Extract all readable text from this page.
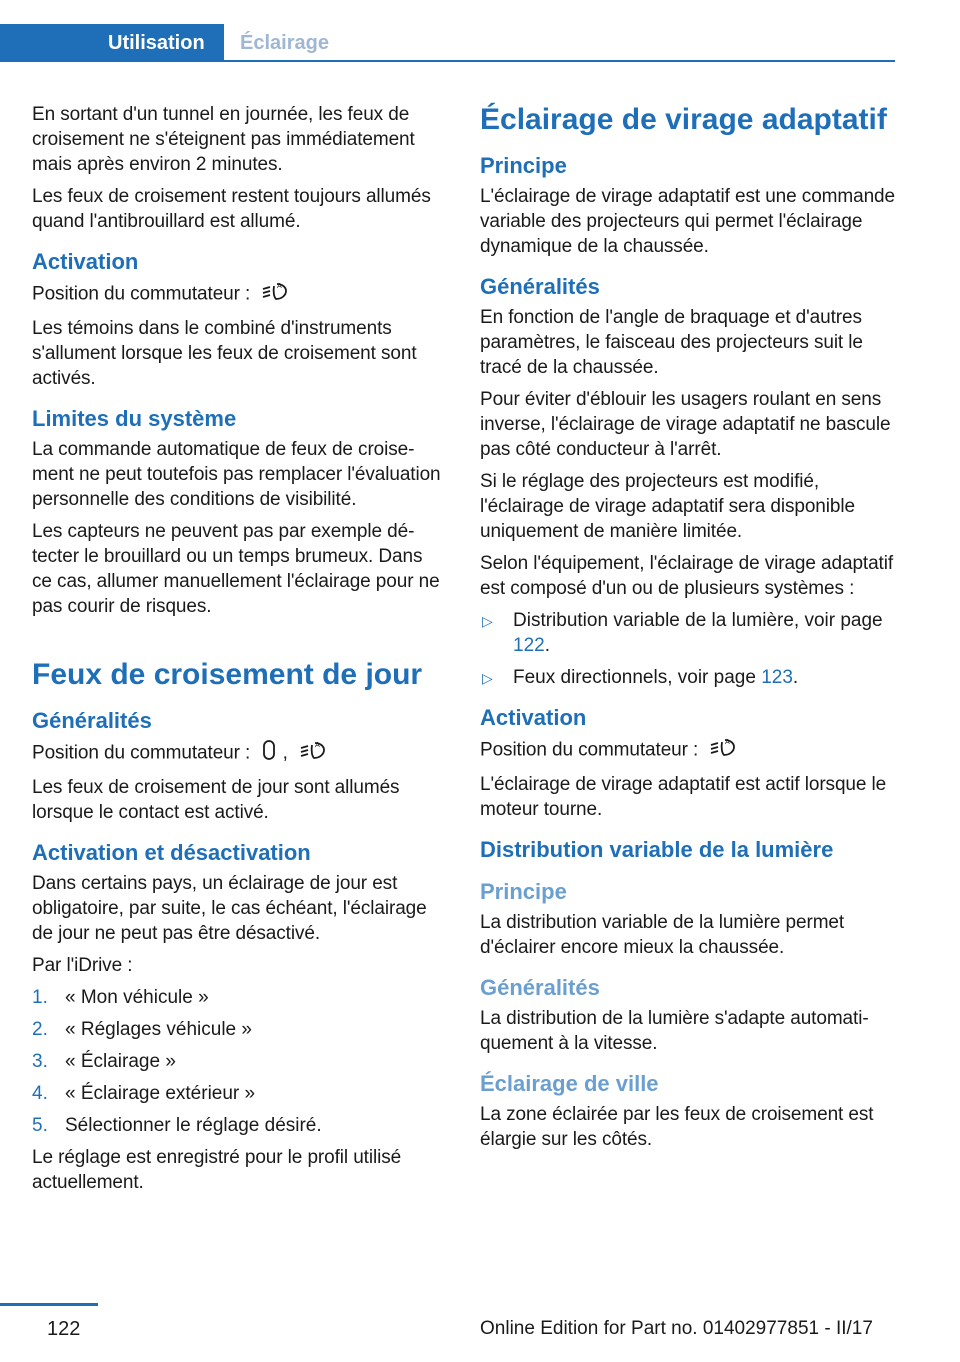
Utilisation	Éclairage

En sortant d'un tunnel en journée, les feux de croisement ne s'éteignent pas immédiatement mais après environ 2 minutes.

Les feux de croisement restent toujours allumés quand l'antibrouillard est allumé.

Activation

Position du commutateur :	A

Les témoins dans le combiné d'instruments s'allument lorsque les feux de croisement sont activés.

Limites du système

La commande automatique de feux de croisement ne peut toutefois pas remplacer l'évaluation personnelle des conditions de visibilité.

Les capteurs ne peuvent pas par exemple détecter le brouillard ou un temps brumeux. Dans ce cas, allumer manuellement l'éclairage pour ne pas courir de risques.

Feux de croisement de jour
Généralités

Position du commutateur : ,	A

Les feux de croisement de jour sont allumés lorsque le contact est activé.

Activation et désactivation

Dans certains pays, un éclairage de jour est obligatoire, par suite, le cas échéant, l'éclairage de jour ne peut pas être désactivé.

Par l'iDrive :

1. « Mon véhicule »
2. « Réglages véhicule »
3. « Éclairage »
4. « Éclairage extérieur »
5. Sélectionner le réglage désiré.

Le réglage est enregistré pour le profil utilisé actuellement.

Éclairage de virage adaptatif
Principe

L'éclairage de virage adaptatif est une commande variable des projecteurs qui permet l'éclairage dynamique de la chaussée.

Généralités

En fonction de l'angle de braquage et d'autres paramètres, le faisceau des projecteurs suit le tracé de la chaussée.

Pour éviter d'éblouir les usagers roulant en sens inverse, l'éclairage de virage adaptatif ne bascule pas côté conducteur à l'arrêt.

Si le réglage des projecteurs est modifié, l'éclairage de virage adaptatif sera disponible uniquement de manière limitée.

Selon l'équipement, l'éclairage de virage adaptatif est composé d'un ou de plusieurs systèmes :

▷ Distribution variable de la lumière, voir page 122.
▷ Feux directionnels, voir page 123.
Activation

Position du commutateur :	A

L'éclairage de virage adaptatif est actif lorsque le moteur tourne.

Distribution variable de la lumière
Principe

La distribution variable de la lumière permet d'éclairer encore mieux la chaussée.

Généralités

La distribution de la lumière s'adapte automatiquement à la vitesse.

Éclairage de ville

La zone éclairée par les feux de croisement est élargie sur les côtés.

122	Online Edition for Part no. 01402977851 - II/17
